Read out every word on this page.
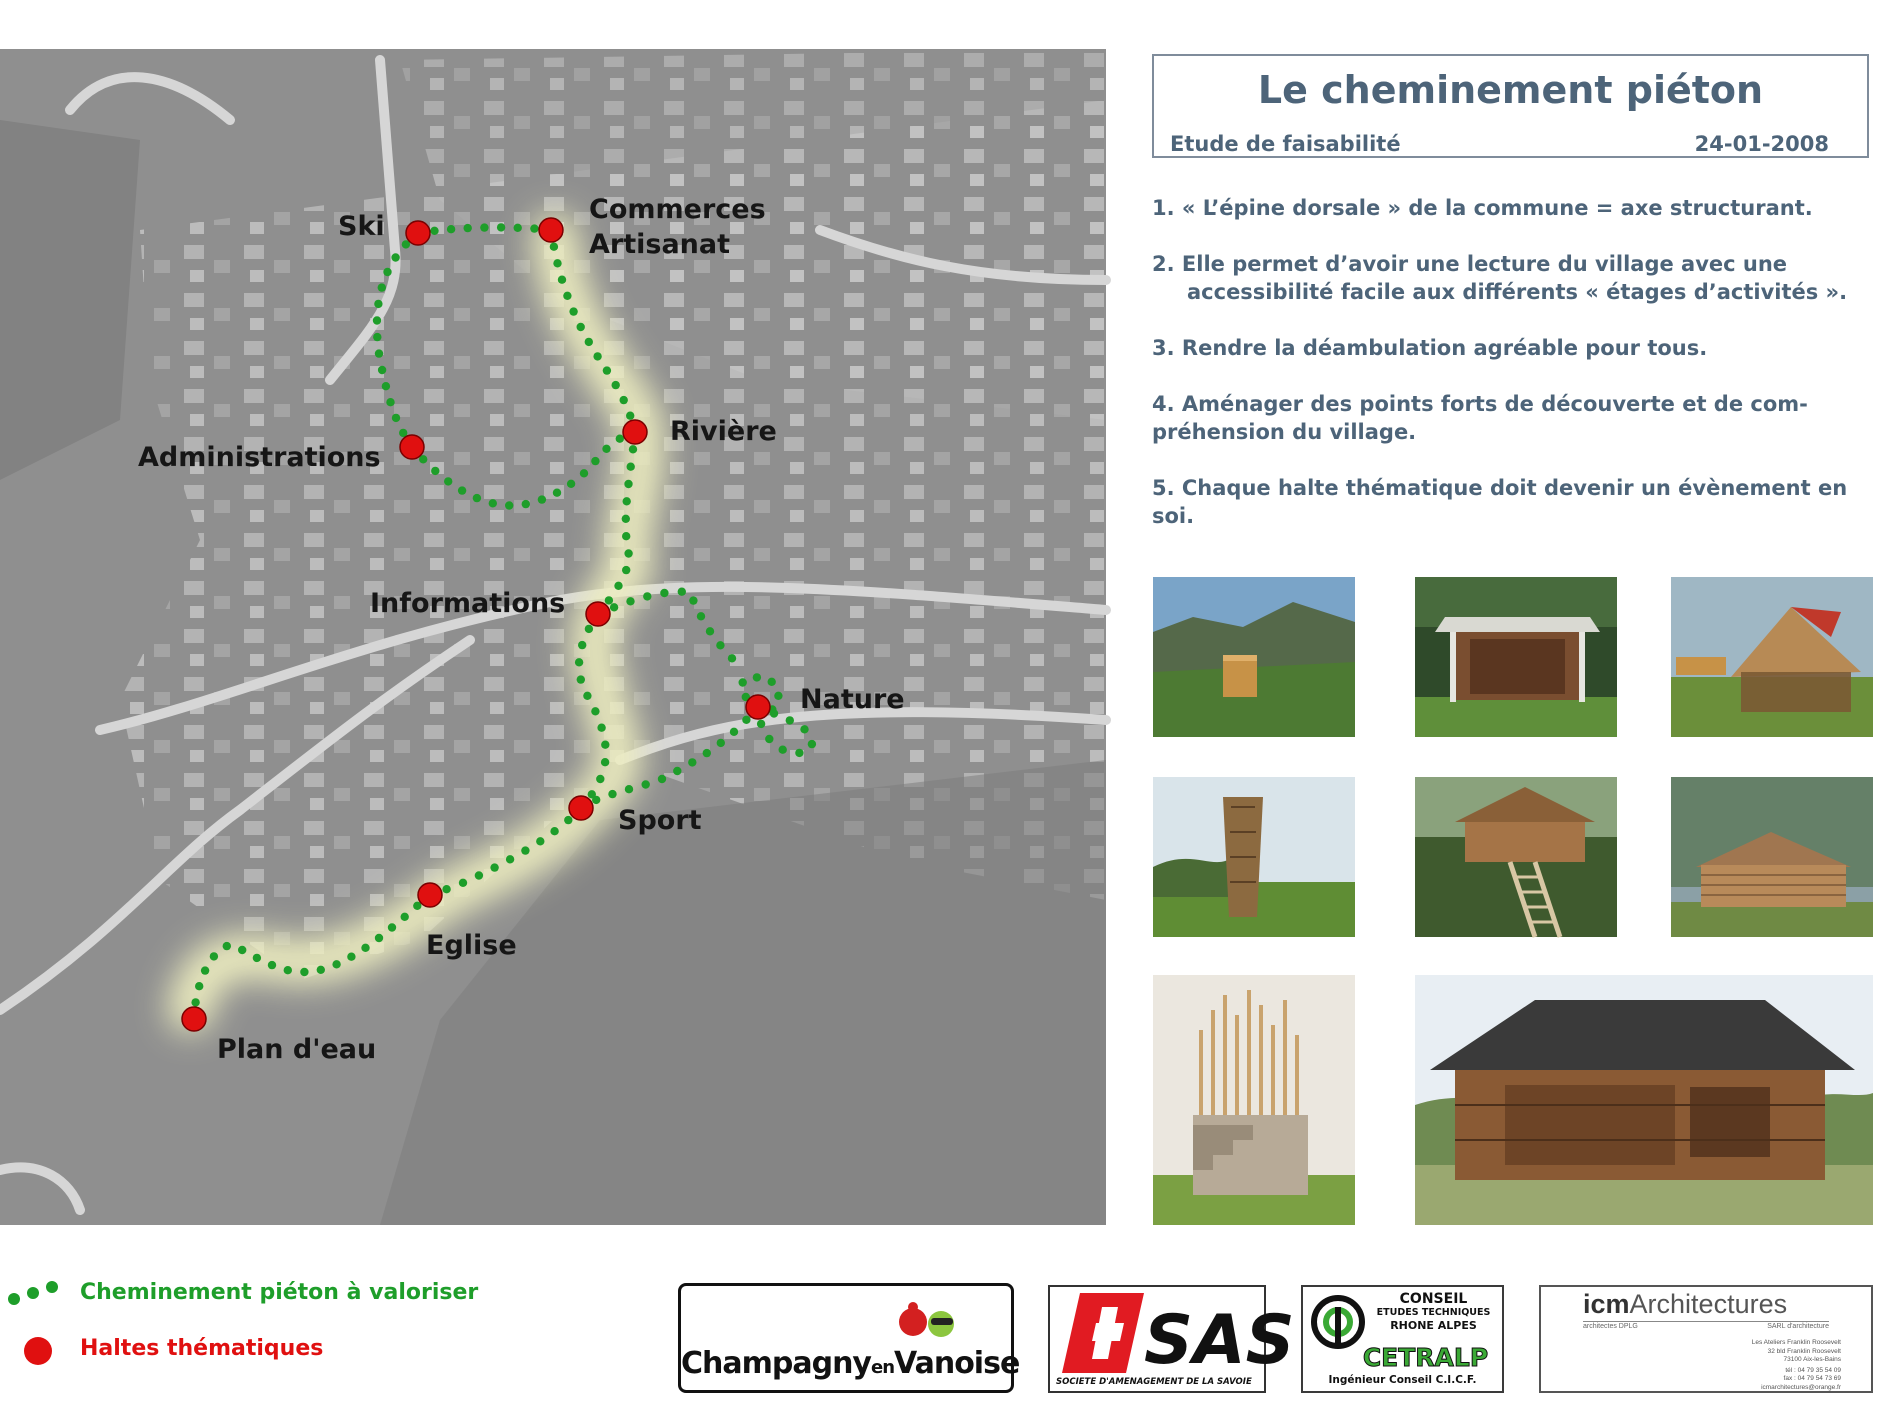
Ski
Commerces
Artisanat
Administrations
Rivière
Informations
Nature
Sport
Eglise
Plan d'eau
Le cheminement piéton
Etude de faisabilité	24-01-2008
1. « L’épine dorsale » de la commune = axe structurant.
2. Elle permet d’avoir une lecture du village avec une
accessibilité facile aux différents « étages d’activités ».
3. Rendre la déambulation agréable pour tous.
4. Aménager des points forts de découverte et de com-
préhension du village.
5. Chaque halte thématique doit devenir un évènement en
soi.
Cheminement piéton à valoriser
Haltes thématiques	ChampagnyenVanoise SAS
SOCIETE D'AMENAGEMENT DE LA SAVOIE
CONSEIL
ETUDES TECHNIQUES
RHONE ALPES
CETRALP
Ingénieur Conseil C.I.C.F.
icmArchitectures
architectes DPLG	SARL d'architecture
Les Ateliers Franklin Roosevelt
32 bld Franklin Roosevelt
73100 Aix-les-Bains
tél : 04 79 35 54 09
fax : 04 79 54 73 69
icmarchitectures@orange.fr
